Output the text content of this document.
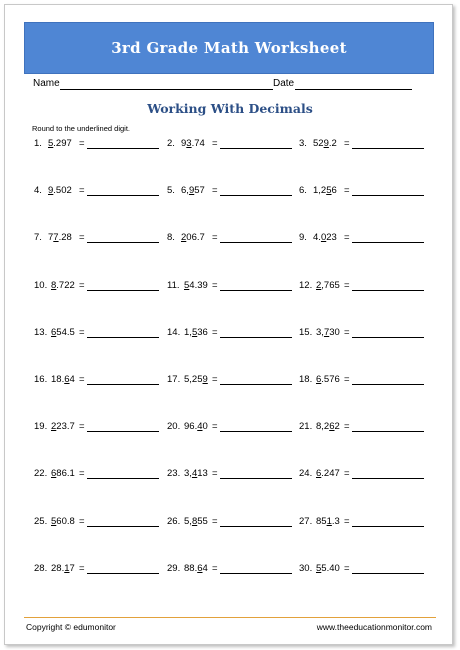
3rd Grade Math Worksheet
Name	Date
Working With Decimals
Round to the underlined digit.
1. 5.297 =	2. 93.74 =	3. 529.2 =
4. 9.502 =	5. 6,957 =	6. 1,256 =
7. 77.28 =	8. 206.7 =	9. 4.023 =
10. 8.722 =	11. 54.39 =	12. 2,765 =
13. 654.5 =	14. 1,536 =	15. 3,730 =
16. 18.64 =	17. 5,259 =	18. 6.576 =
19. 223.7 =	20. 96.40 =	21. 8,262 =
22. 686.1 =	23. 3,413 =	24. 6.247 =
25. 560.8 =	26. 5,855 =	27. 851.3 =
28. 28.17 =	29. 88.64 =	30. 55.40 =
Copyright © edumonitor	www.theeducationmonitor.com
